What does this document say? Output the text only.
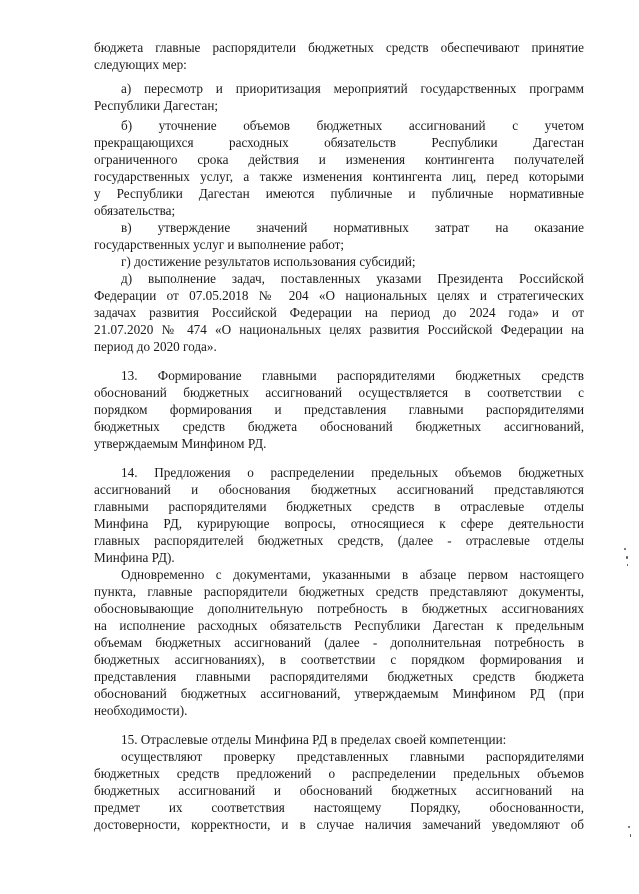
бюджета главные распорядители бюджетных средств обеспечивают принятие
следующих мер:
а) пересмотр и приоритизация мероприятий государственных программ
Республики Дагестан;
б) уточнение объемов бюджетных ассигнований с учетом
прекращающихся расходных обязательств Республики Дагестан
ограниченного срока действия и изменения контингента получателей
государственных услуг, а также изменения контингента лиц, перед которыми
у Республики Дагестан имеются публичные и публичные нормативные
обязательства;
в) утверждение значений нормативных затрат на оказание
государственных услуг и выполнение работ;
г) достижение результатов использования субсидий;
д) выполнение задач, поставленных указами Президента Российской
Федерации от 07.05.2018 № 204 «О национальных целях и стратегических
задачах развития Российской Федерации на период до 2024 года» и от
21.07.2020 № 474 «О национальных целях развития Российской Федерации на
период до 2020 года».
13. Формирование главными распорядителями бюджетных средств
обоснований бюджетных ассигнований осуществляется в соответствии с
порядком формирования и представления главными распорядителями
бюджетных средств бюджета обоснований бюджетных ассигнований,
утверждаемым Минфином РД.
14. Предложения о распределении предельных объемов бюджетных
ассигнований и обоснования бюджетных ассигнований представляются
главными распорядителями бюджетных средств в отраслевые отделы
Минфина РД, курирующие вопросы, относящиеся к сфере деятельности
главных распорядителей бюджетных средств, (далее - отраслевые отделы
Минфина РД).
Одновременно с документами, указанными в абзаце первом настоящего
пункта, главные распорядители бюджетных средств представляют документы,
обосновывающие дополнительную потребность в бюджетных ассигнованиях
на исполнение расходных обязательств Республики Дагестан к предельным
объемам бюджетных ассигнований (далее - дополнительная потребность в
бюджетных ассигнованиях), в соответствии с порядком формирования и
представления главными распорядителями бюджетных средств бюджета
обоснований бюджетных ассигнований, утверждаемым Минфином РД (при
необходимости).
15. Отраслевые отделы Минфина РД в пределах своей компетенции:
осуществляют проверку представленных главными распорядителями
бюджетных средств предложений о распределении предельных объемов
бюджетных ассигнований и обоснований бюджетных ассигнований на
предмет их соответствия настоящему Порядку, обоснованности,
достоверности, корректности, и в случае наличия замечаний уведомляют об
